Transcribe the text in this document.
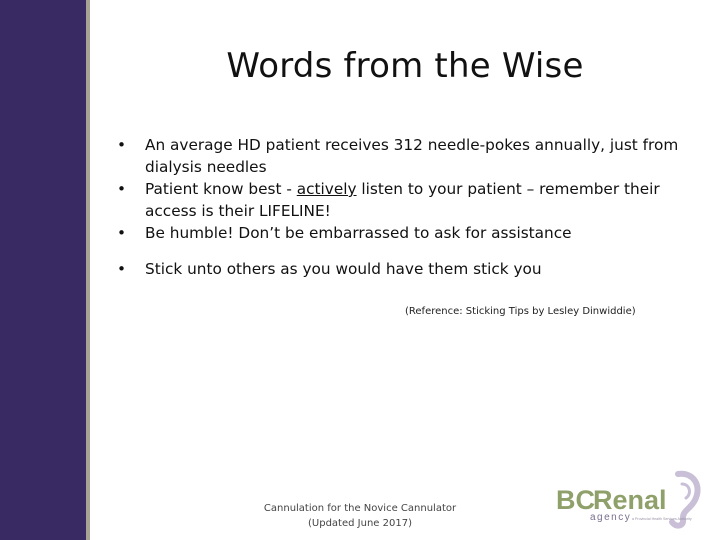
Words from the Wise
•	An average HD patient receives 312 needle-pokes annually, just from dialysis needles
•	Patient know best - actively listen to your patient – remember their access is their LIFELINE!
•	Be humble! Don’t be embarrassed to ask for assistance
•	Stick unto others as you would have them stick you
(Reference: Sticking Tips by Lesley Dinwiddie)
Cannulation for the Novice Cannulator
(Updated June 2017)
BC
Renal
agency a Provincial Health Services Authority
